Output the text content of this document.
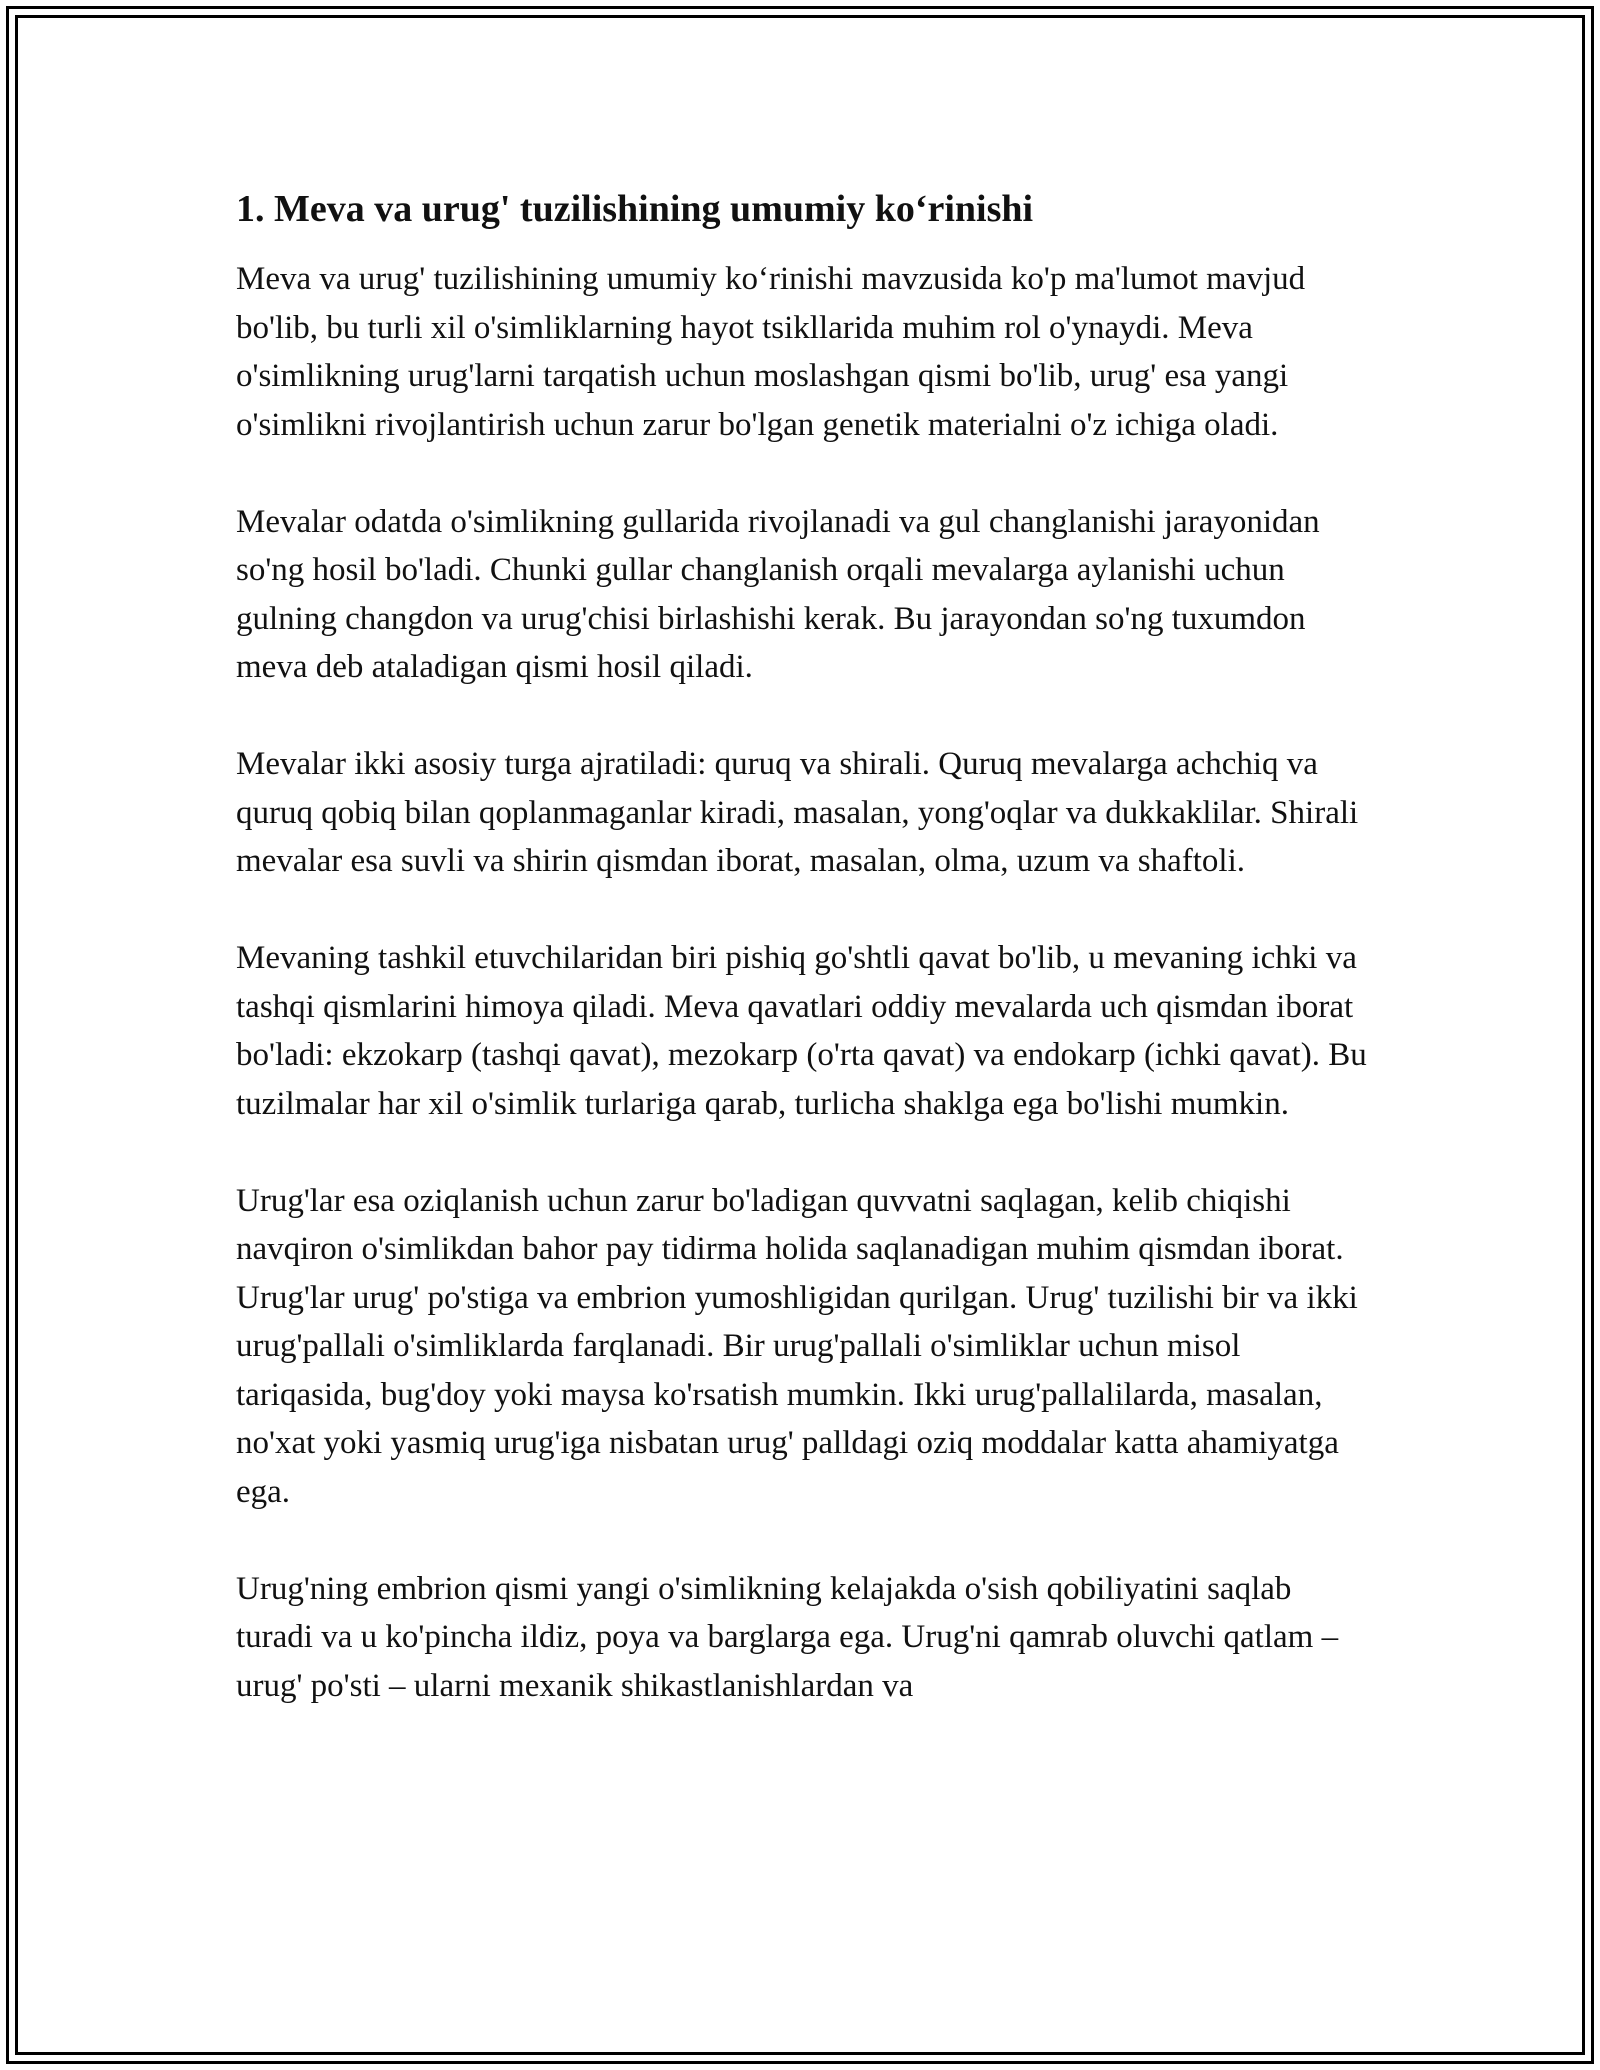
1. Meva va urug' tuzilishining umumiy koʻrinishi

Meva va urug' tuzilishining umumiy koʻrinishi mavzusida ko'p ma'lumot mavjud bo'lib, bu turli xil o'simliklarning hayot tsikllarida muhim rol o'ynaydi. Meva o'simlikning urug'larni tarqatish uchun moslashgan qismi bo'lib, urug' esa yangi o'simlikni rivojlantirish uchun zarur bo'lgan genetik materialni o'z ichiga oladi.

Mevalar odatda o'simlikning gullarida rivojlanadi va gul changlanishi jarayonidan so'ng hosil bo'ladi. Chunki gullar changlanish orqali mevalarga aylanishi uchun gulning changdon va urug'chisi birlashishi kerak. Bu jarayondan so'ng tuxumdon meva deb ataladigan qismi hosil qiladi.

Mevalar ikki asosiy turga ajratiladi: quruq va shirali. Quruq mevalarga achchiq va quruq qobiq bilan qoplanmaganlar kiradi, masalan, yong'oqlar va dukkaklilar. Shirali mevalar esa suvli va shirin qismdan iborat, masalan, olma, uzum va shaftoli.

Mevaning tashkil etuvchilaridan biri pishiq go'shtli qavat bo'lib, u mevaning ichki va tashqi qismlarini himoya qiladi. Meva qavatlari oddiy mevalarda uch qismdan iborat bo'ladi: ekzokarp (tashqi qavat), mezokarp (o'rta qavat) va endokarp (ichki qavat). Bu tuzilmalar har xil o'simlik turlariga qarab, turlicha shaklga ega bo'lishi mumkin.

Urug'lar esa oziqlanish uchun zarur bo'ladigan quvvatni saqlagan, kelib chiqishi navqiron o'simlikdan bahor pay tidirma holida saqlanadigan muhim qismdan iborat. Urug'lar urug' po'stiga va embrion yumoshligidan qurilgan. Urug' tuzilishi bir va ikki urug'pallali o'simliklarda farqlanadi. Bir urug'pallali o'simliklar uchun misol tariqasida, bug'doy yoki maysa ko'rsatish mumkin. Ikki urug'pallalilarda, masalan, no'xat yoki yasmiq urug'iga nisbatan urug' palldagi oziq moddalar katta ahamiyatga ega.

Urug'ning embrion qismi yangi o'simlikning kelajakda o'sish qobiliyatini saqlab turadi va u ko'pincha ildiz, poya va barglarga ega. Urug'ni qamrab oluvchi qatlam – urug' po'sti – ularni mexanik shikastlanishlardan va
